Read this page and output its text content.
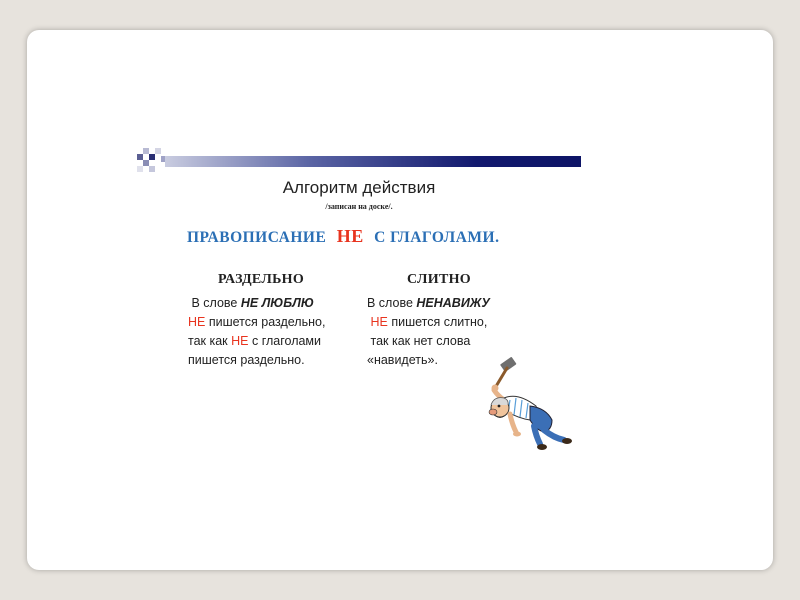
Алгоритм действия
/записан на доске/.
ПРАВОПИСАНИЕ НЕ С ГЛАГОЛАМИ.
РАЗДЕЛЬНО
В слове НЕ ЛЮБЛЮ
НЕ пишется раздельно,
так как НЕ с глаголами
пишется раздельно.
СЛИТНО
В слове НЕНАВИЖУ
НЕ пишется слитно,
так как нет слова
«навидеть».
